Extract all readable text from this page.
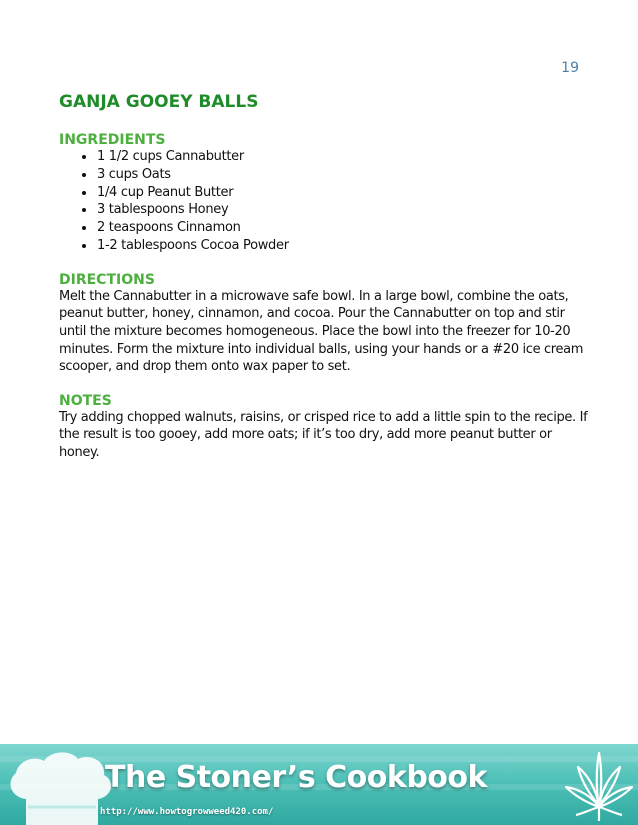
19
GANJA GOOEY BALLS
INGREDIENTS
• 1 1/2 cups Cannabutter
• 3 cups Oats
• 1/4 cup Peanut Butter
• 3 tablespoons Honey
• 2 teaspoons Cinnamon
• 1-2 tablespoons Cocoa Powder
DIRECTIONS

Melt the Cannabutter in a microwave safe bowl. In a large bowl, combine the oats, peanut butter, honey, cinnamon, and cocoa. Pour the Cannabutter on top and stir until the mixture becomes homogeneous. Place the bowl into the freezer for 10-20 minutes. Form the mixture into individual balls, using your hands or a #20 ice cream scooper, and drop them onto wax paper to set.

NOTES

Try adding chopped walnuts, raisins, or crisped rice to add a little spin to the recipe. If the result is too gooey, add more oats; if it’s too dry, add more peanut butter or honey.

The Stoner’s Cookbook
http://www.howtogrowweed420.com/
